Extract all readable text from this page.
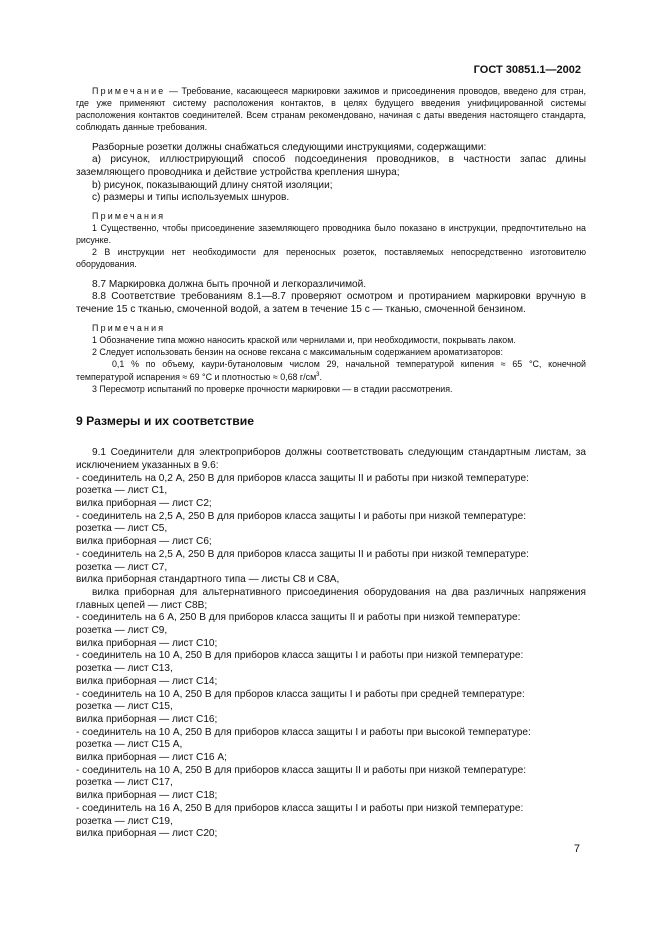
ГОСТ 30851.1—2002

Примечание — Требование, касающееся маркировки зажимов и присоединения проводов, введено для стран, где уже применяют систему расположения контактов, в целях будущего введения унифицированной системы расположения контактов соединителей. Всем странам рекомендовано, начиная с даты введения настоящего стандарта, соблюдать данные требования.

Разборные розетки должны снабжаться следующими инструкциями, содержащими:

а) рисунок, иллюстрирующий способ подсоединения проводников, в частности запас длины заземляющего проводника и действие устройства крепления шнура;

b) рисунок, показывающий длину снятой изоляции;

с) размеры и типы используемых шнуров.

Примечания

1 Существенно, чтобы присоединение заземляющего проводника было показано в инструкции, предпочтительно на рисунке.

2 В инструкции нет необходимости для переносных розеток, поставляемых непосредственно изготовителю оборудования.

8.7 Маркировка должна быть прочной и легкоразличимой.

8.8 Соответствие требованиям 8.1—8.7 проверяют осмотром и протиранием маркировки вручную в течение 15 с тканью, смоченной водой, а затем в течение 15 с — тканью, смоченной бензином.

Примечания

1 Обозначение типа можно наносить краской или чернилами и, при необходимости, покрывать лаком.

2 Следует использовать бензин на основе гексана с максимальным содержанием ароматизаторов:

0,1 % по объему, каури-бутаноловым числом 29, начальной температурой кипения ≈ 65 °С, конечной температурой испарения ≈ 69 °С и плотностью ≈ 0,68 $г/см^3$.

3 Пересмотр испытаний по проверке прочности маркировки — в стадии рассмотрения.

9 Размеры и их соответствие

9.1 Соединители для электроприборов должны соответствовать следующим стандартным листам, за исключением указанных в 9.6:

- соединитель на 0,2 А, 250 В для приборов класса защиты II и работы при низкой температуре:

розетка — лист С1,

вилка приборная — лист С2;

- соединитель на 2,5 А, 250 В для приборов класса защиты I и работы при низкой температуре:

розетка — лист С5,

вилка приборная — лист С6;

- соединитель на 2,5 А, 250 В для приборов класса защиты II и работы при низкой температуре:

розетка — лист С7,

вилка приборная стандартного типа — листы С8 и С8А,

вилка приборная для альтернативного присоединения оборудования на два различных напряжения главных цепей — лист С8В;

- соединитель на 6 А, 250 В для приборов класса защиты II и работы при низкой температуре:

розетка — лист С9,

вилка приборная — лист С10;

- соединитель на 10 А, 250 В для приборов класса защиты I и работы при низкой температуре:

розетка — лист С13,

вилка приборная — лист С14;

- соединитель на 10 А, 250 В для прборов класса защиты I и работы при средней температуре:

розетка — лист С15,

вилка приборная — лист С16;

- соединитель на 10 А, 250 В для приборов класса защиты I и работы при высокой температуре:

розетка — лист С15 А,

вилка приборная — лист С16 А;

- соединитель на 10 А, 250 В для приборов класса защиты II и работы при низкой температуре:

розетка — лист С17,

вилка приборная — лист С18;

- соединитель на 16 А, 250 В для приборов класса защиты I и работы при низкой температуре:

розетка — лист С19,

вилка приборная — лист С20;

7
